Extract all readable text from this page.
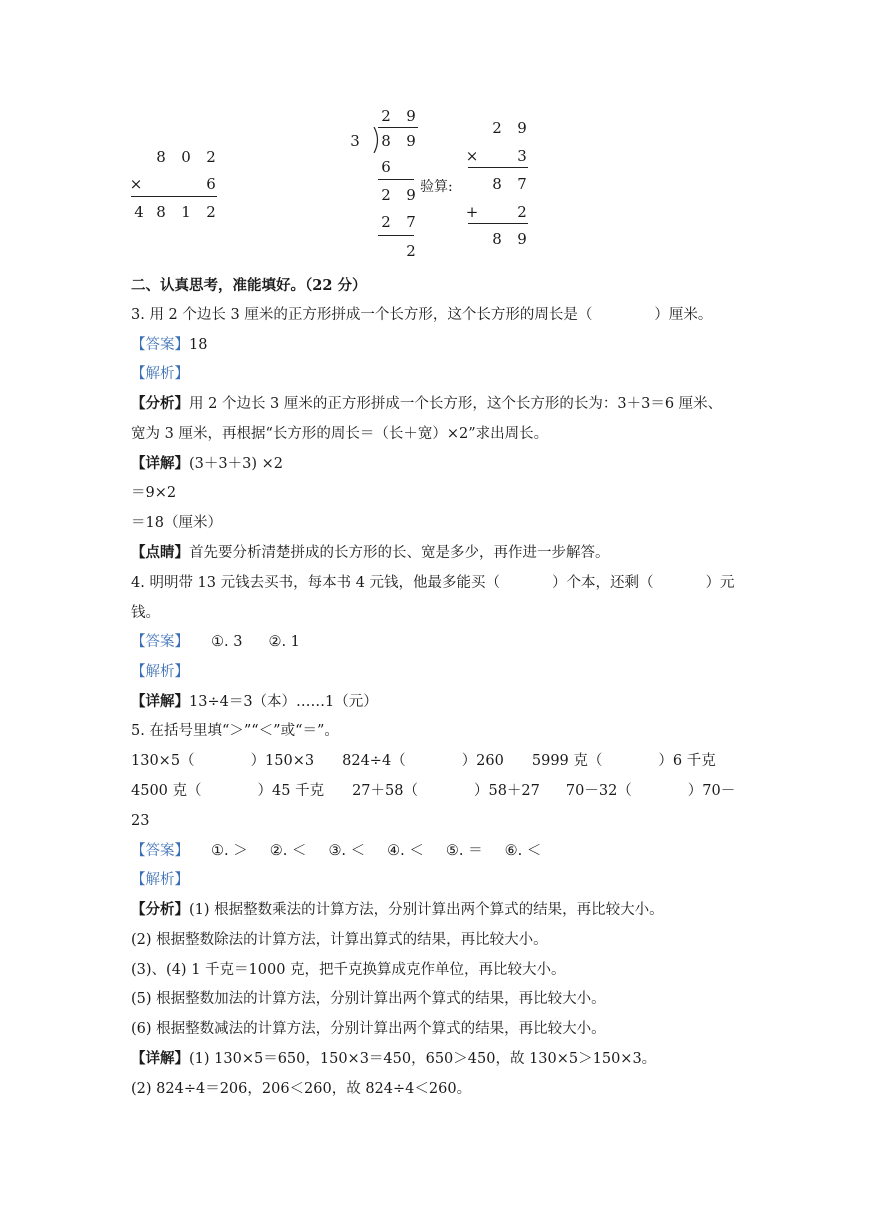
8 0 2
×	6
4 8 1 2
2 9
3 8 9
6
2 9
2 7
2
验算:
2 9
×	3
8 7
+	2
8 9
二、认真思考，准能填好。（22 分）
3. 用 2 个边长 3 厘米的正方形拼成一个长方形，这个长方形的周长是（	）厘米。
【答案】18
【解析】
【分析】用 2 个边长 3 厘米的正方形拼成一个长方形，这个长方形的长为：3＋3＝6 厘米、
宽为 3 厘米，再根据“长方形的周长＝（长＋宽）×2”求出周长。
【详解】(3＋3＋3) ×2
＝9×2
＝18（厘米）
【点睛】首先要分析清楚拼成的长方形的长、宽是多少，再作进一步解答。
4. 明明带 13 元钱去买书，每本书 4 元钱，他最多能买（	）个本，还剩（	）元
钱。
【答案】 ①. 3 ②. 1
【解析】
【详解】13÷4＝3（本）……1（元）
5. 在括号里填“＞”“＜”或“＝”。
130×5（	）150×3 824÷4（	）260 5999 克（	）6 千克
4500 克（	）45 千克 27＋58（	）58＋27 70－32（	）70－
23
【答案】 ①. ＞ ②. ＜ ③. ＜ ④. ＜ ⑤. ＝ ⑥. ＜
【解析】
【分析】(1) 根据整数乘法的计算方法，分别计算出两个算式的结果，再比较大小。
(2) 根据整数除法的计算方法，计算出算式的结果，再比较大小。
(3)、(4) 1 千克＝1000 克，把千克换算成克作单位，再比较大小。
(5) 根据整数加法的计算方法，分别计算出两个算式的结果，再比较大小。
(6) 根据整数减法的计算方法，分别计算出两个算式的结果，再比较大小。
【详解】(1) 130×5＝650，150×3＝450，650＞450，故 130×5＞150×3。
(2) 824÷4＝206，206＜260，故 824÷4＜260。
